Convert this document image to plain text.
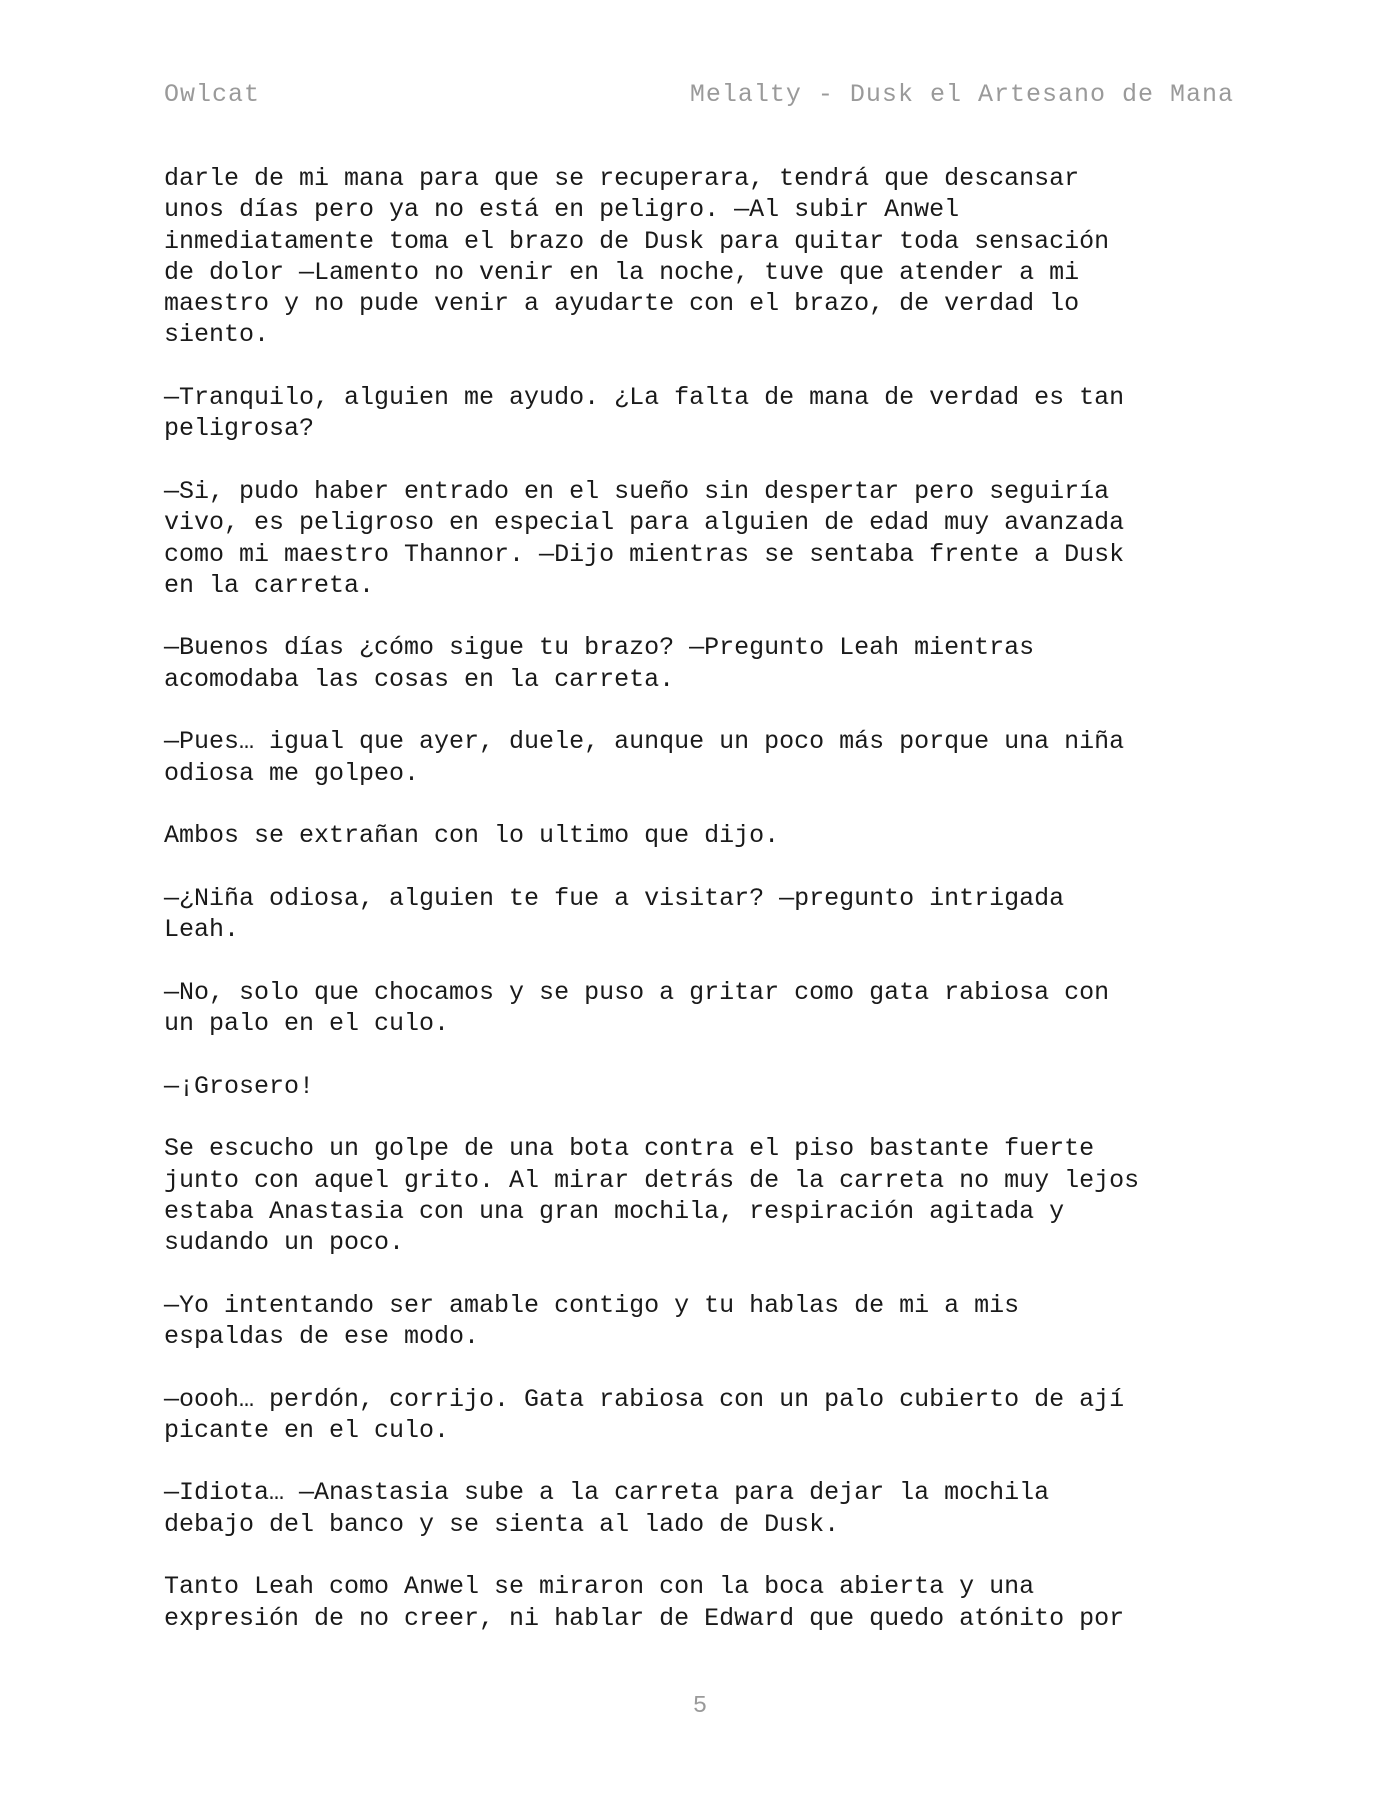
Owlcat	Melalty - Dusk el Artesano de Mana

darle de mi mana para que se recuperara, tendrá que descansar
unos días pero ya no está en peligro. —Al subir Anwel
inmediatamente toma el brazo de Dusk para quitar toda sensación
de dolor —Lamento no venir en la noche, tuve que atender a mi
maestro y no pude venir a ayudarte con el brazo, de verdad lo
siento.

—Tranquilo, alguien me ayudo. ¿La falta de mana de verdad es tan
peligrosa?

—Si, pudo haber entrado en el sueño sin despertar pero seguiría
vivo, es peligroso en especial para alguien de edad muy avanzada
como mi maestro Thannor. —Dijo mientras se sentaba frente a Dusk
en la carreta.

—Buenos días ¿cómo sigue tu brazo? —Pregunto Leah mientras
acomodaba las cosas en la carreta.

—Pues… igual que ayer, duele, aunque un poco más porque una niña
odiosa me golpeo.

Ambos se extrañan con lo ultimo que dijo.

—¿Niña odiosa, alguien te fue a visitar? —pregunto intrigada
Leah.

—No, solo que chocamos y se puso a gritar como gata rabiosa con
un palo en el culo.

—¡Grosero!

Se escucho un golpe de una bota contra el piso bastante fuerte
junto con aquel grito. Al mirar detrás de la carreta no muy lejos
estaba Anastasia con una gran mochila, respiración agitada y
sudando un poco.

—Yo intentando ser amable contigo y tu hablas de mi a mis
espaldas de ese modo.

—oooh… perdón, corrijo. Gata rabiosa con un palo cubierto de ají
picante en el culo.

—Idiota… —Anastasia sube a la carreta para dejar la mochila
debajo del banco y se sienta al lado de Dusk.

Tanto Leah como Anwel se miraron con la boca abierta y una
expresión de no creer, ni hablar de Edward que quedo atónito por

5
